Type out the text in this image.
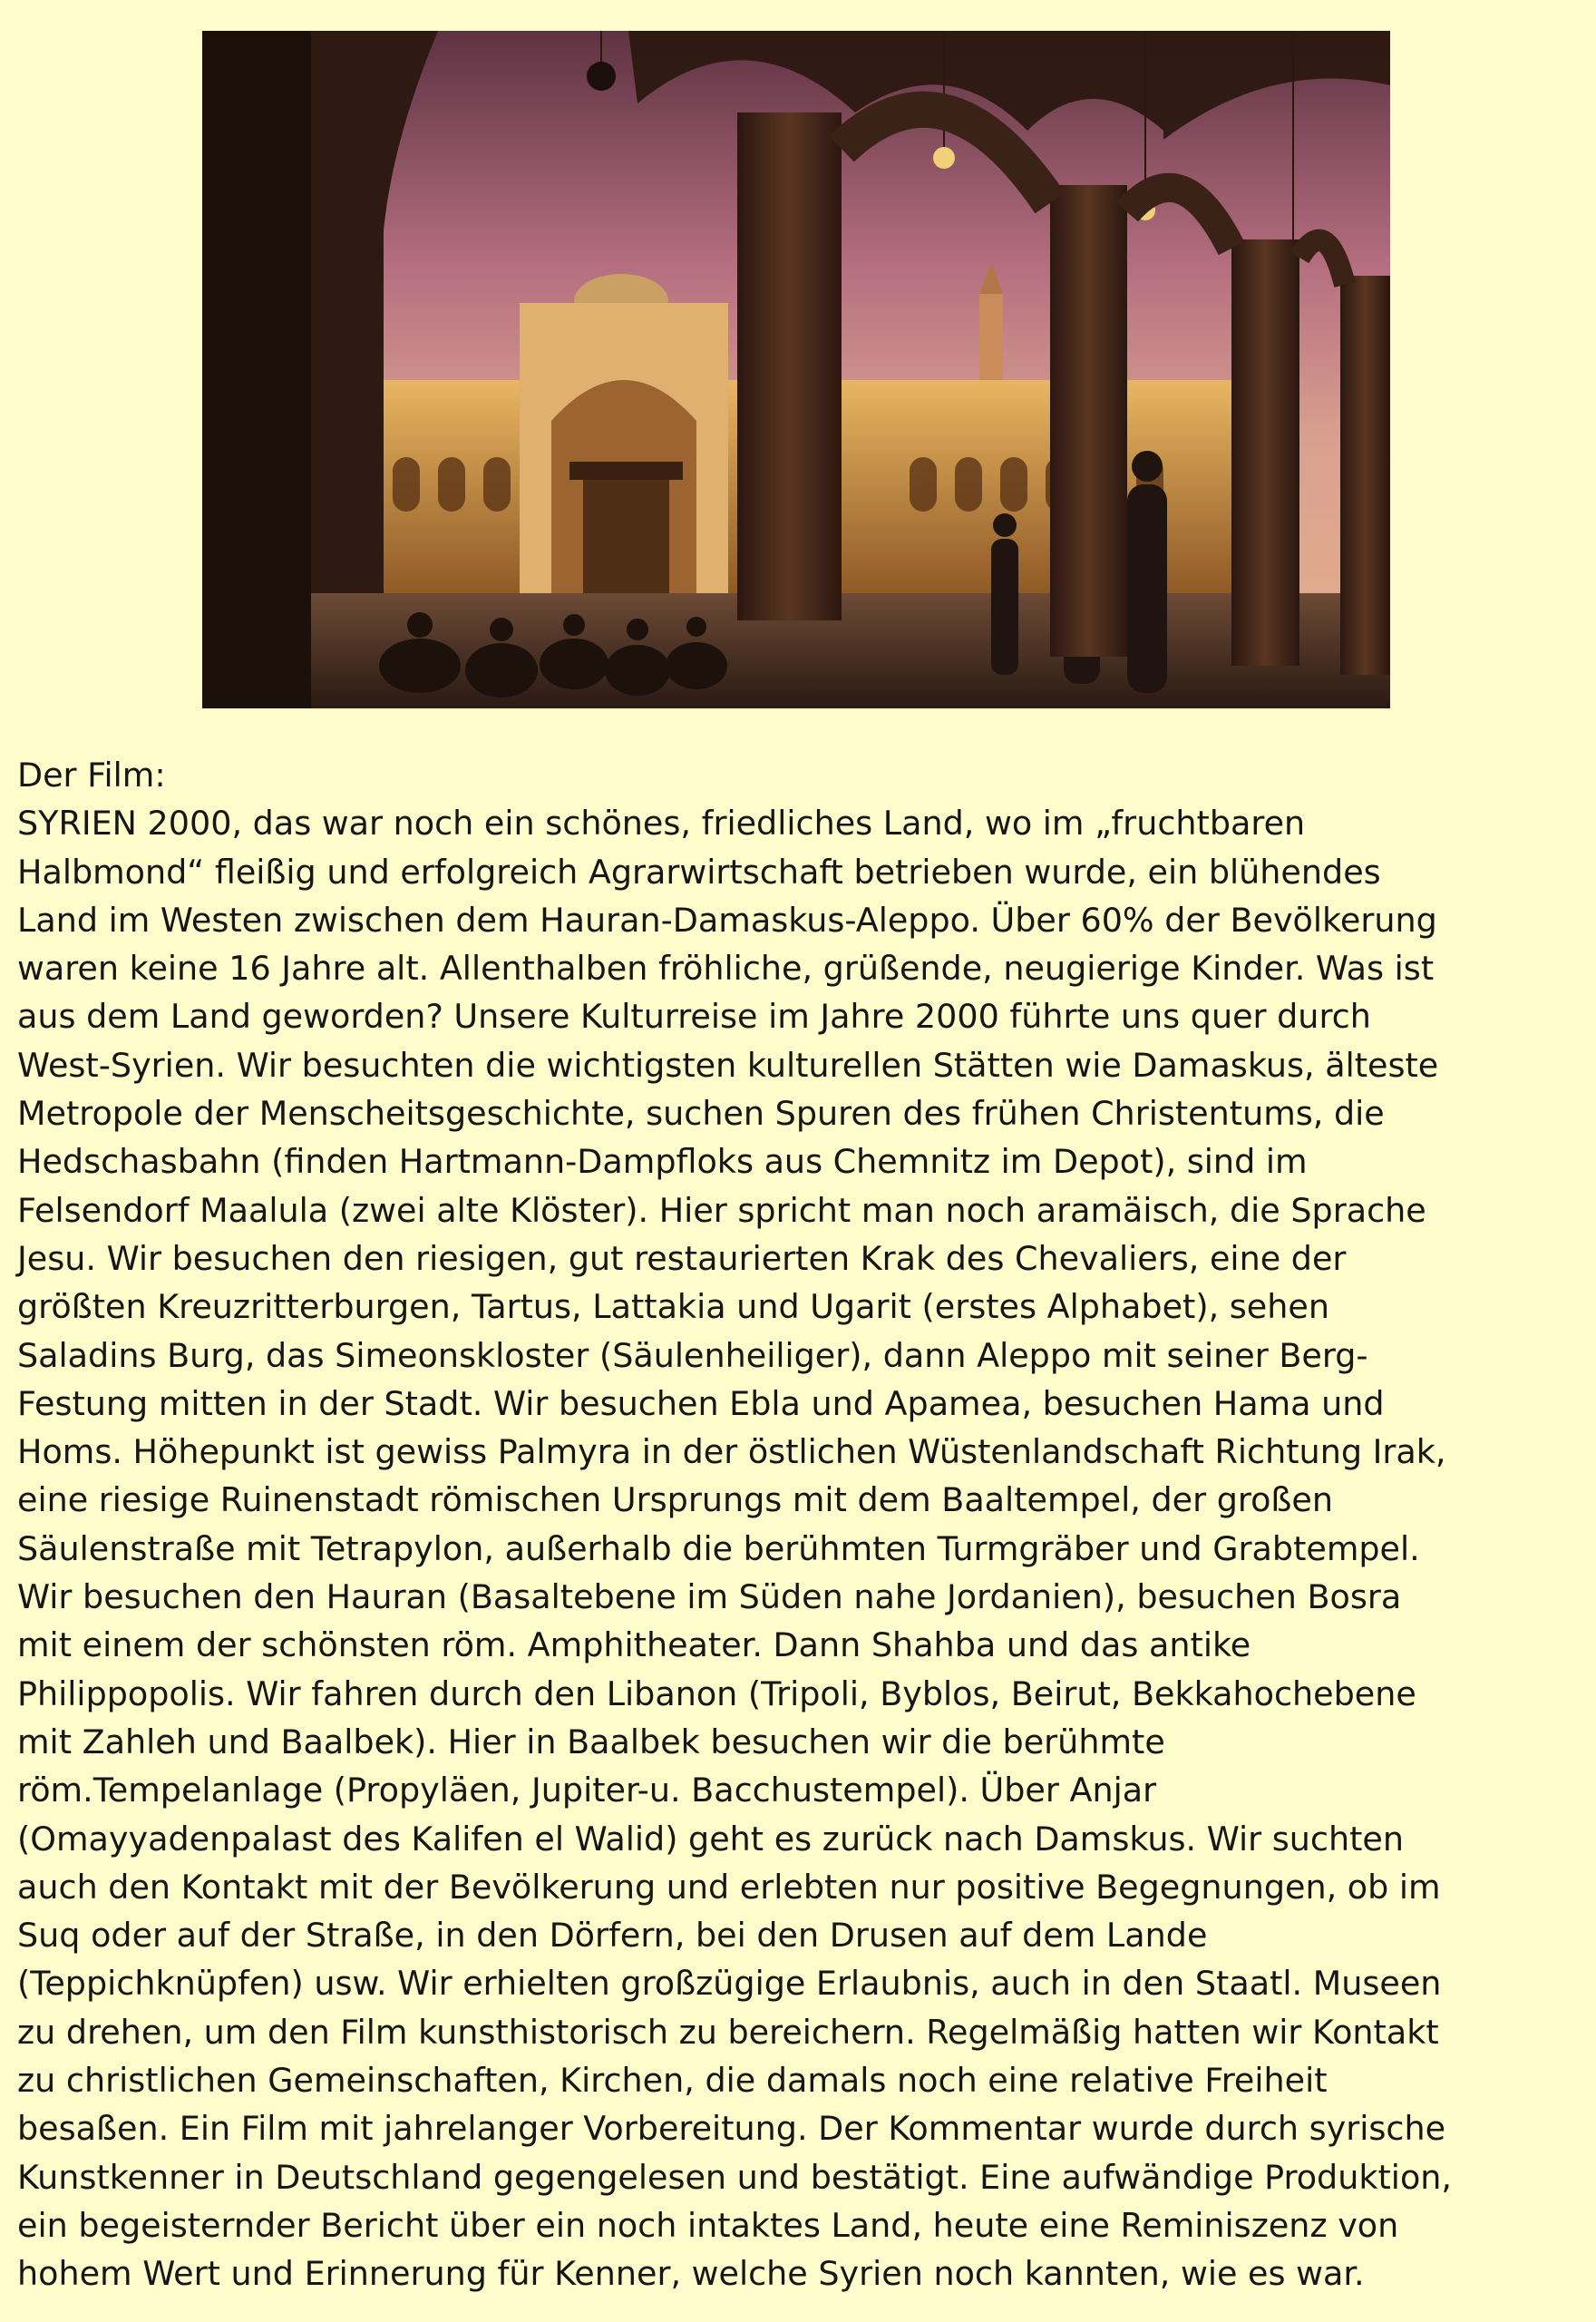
Der Film:

SYRIEN 2000, das war noch ein schönes, friedliches Land, wo im „fruchtbaren
Halbmond“ fleißig und erfolgreich Agrarwirtschaft betrieben wurde, ein blühendes
Land im Westen zwischen dem Hauran-Damaskus-Aleppo. Über 60% der Bevölkerung
waren keine 16 Jahre alt. Allenthalben fröhliche, grüßende, neugierige Kinder. Was ist
aus dem Land geworden? Unsere Kulturreise im Jahre 2000 führte uns quer durch
West-Syrien. Wir besuchten die wichtigsten kulturellen Stätten wie Damaskus, älteste
Metropole der Menscheitsgeschichte, suchen Spuren des frühen Christentums, die
Hedschasbahn (finden Hartmann-Dampfloks aus Chemnitz im Depot), sind im
Felsendorf Maalula (zwei alte Klöster). Hier spricht man noch aramäisch, die Sprache
Jesu. Wir besuchen den riesigen, gut restaurierten Krak des Chevaliers, eine der
größten Kreuzritterburgen, Tartus, Lattakia und Ugarit (erstes Alphabet), sehen
Saladins Burg, das Simeonskloster (Säulenheiliger), dann Aleppo mit seiner Berg-
Festung mitten in der Stadt. Wir besuchen Ebla und Apamea, besuchen Hama und
Homs. Höhepunkt ist gewiss Palmyra in der östlichen Wüstenlandschaft Richtung Irak,
eine riesige Ruinenstadt römischen Ursprungs mit dem Baaltempel, der großen
Säulenstraße mit Tetrapylon, außerhalb die berühmten Turmgräber und Grabtempel.
Wir besuchen den Hauran (Basaltebene im Süden nahe Jordanien), besuchen Bosra
mit einem der schönsten röm. Amphitheater. Dann Shahba und das antike
Philippopolis. Wir fahren durch den Libanon (Tripoli, Byblos, Beirut, Bekkahochebene
mit Zahleh und Baalbek). Hier in Baalbek besuchen wir die berühmte
röm.Tempelanlage (Propyläen, Jupiter-u. Bacchustempel). Über Anjar
(Omayyadenpalast des Kalifen el Walid) geht es zurück nach Damskus. Wir suchten
auch den Kontakt mit der Bevölkerung und erlebten nur positive Begegnungen, ob im
Suq oder auf der Straße, in den Dörfern, bei den Drusen auf dem Lande
(Teppichknüpfen) usw. Wir erhielten großzügige Erlaubnis, auch in den Staatl. Museen
zu drehen, um den Film kunsthistorisch zu bereichern. Regelmäßig hatten wir Kontakt
zu christlichen Gemeinschaften, Kirchen, die damals noch eine relative Freiheit
besaßen. Ein Film mit jahrelanger Vorbereitung. Der Kommentar wurde durch syrische
Kunstkenner in Deutschland gegengelesen und bestätigt. Eine aufwändige Produktion,
ein begeisternder Bericht über ein noch intaktes Land, heute eine Reminiszenz von
hohem Wert und Erinnerung für Kenner, welche Syrien noch kannten, wie es war.
